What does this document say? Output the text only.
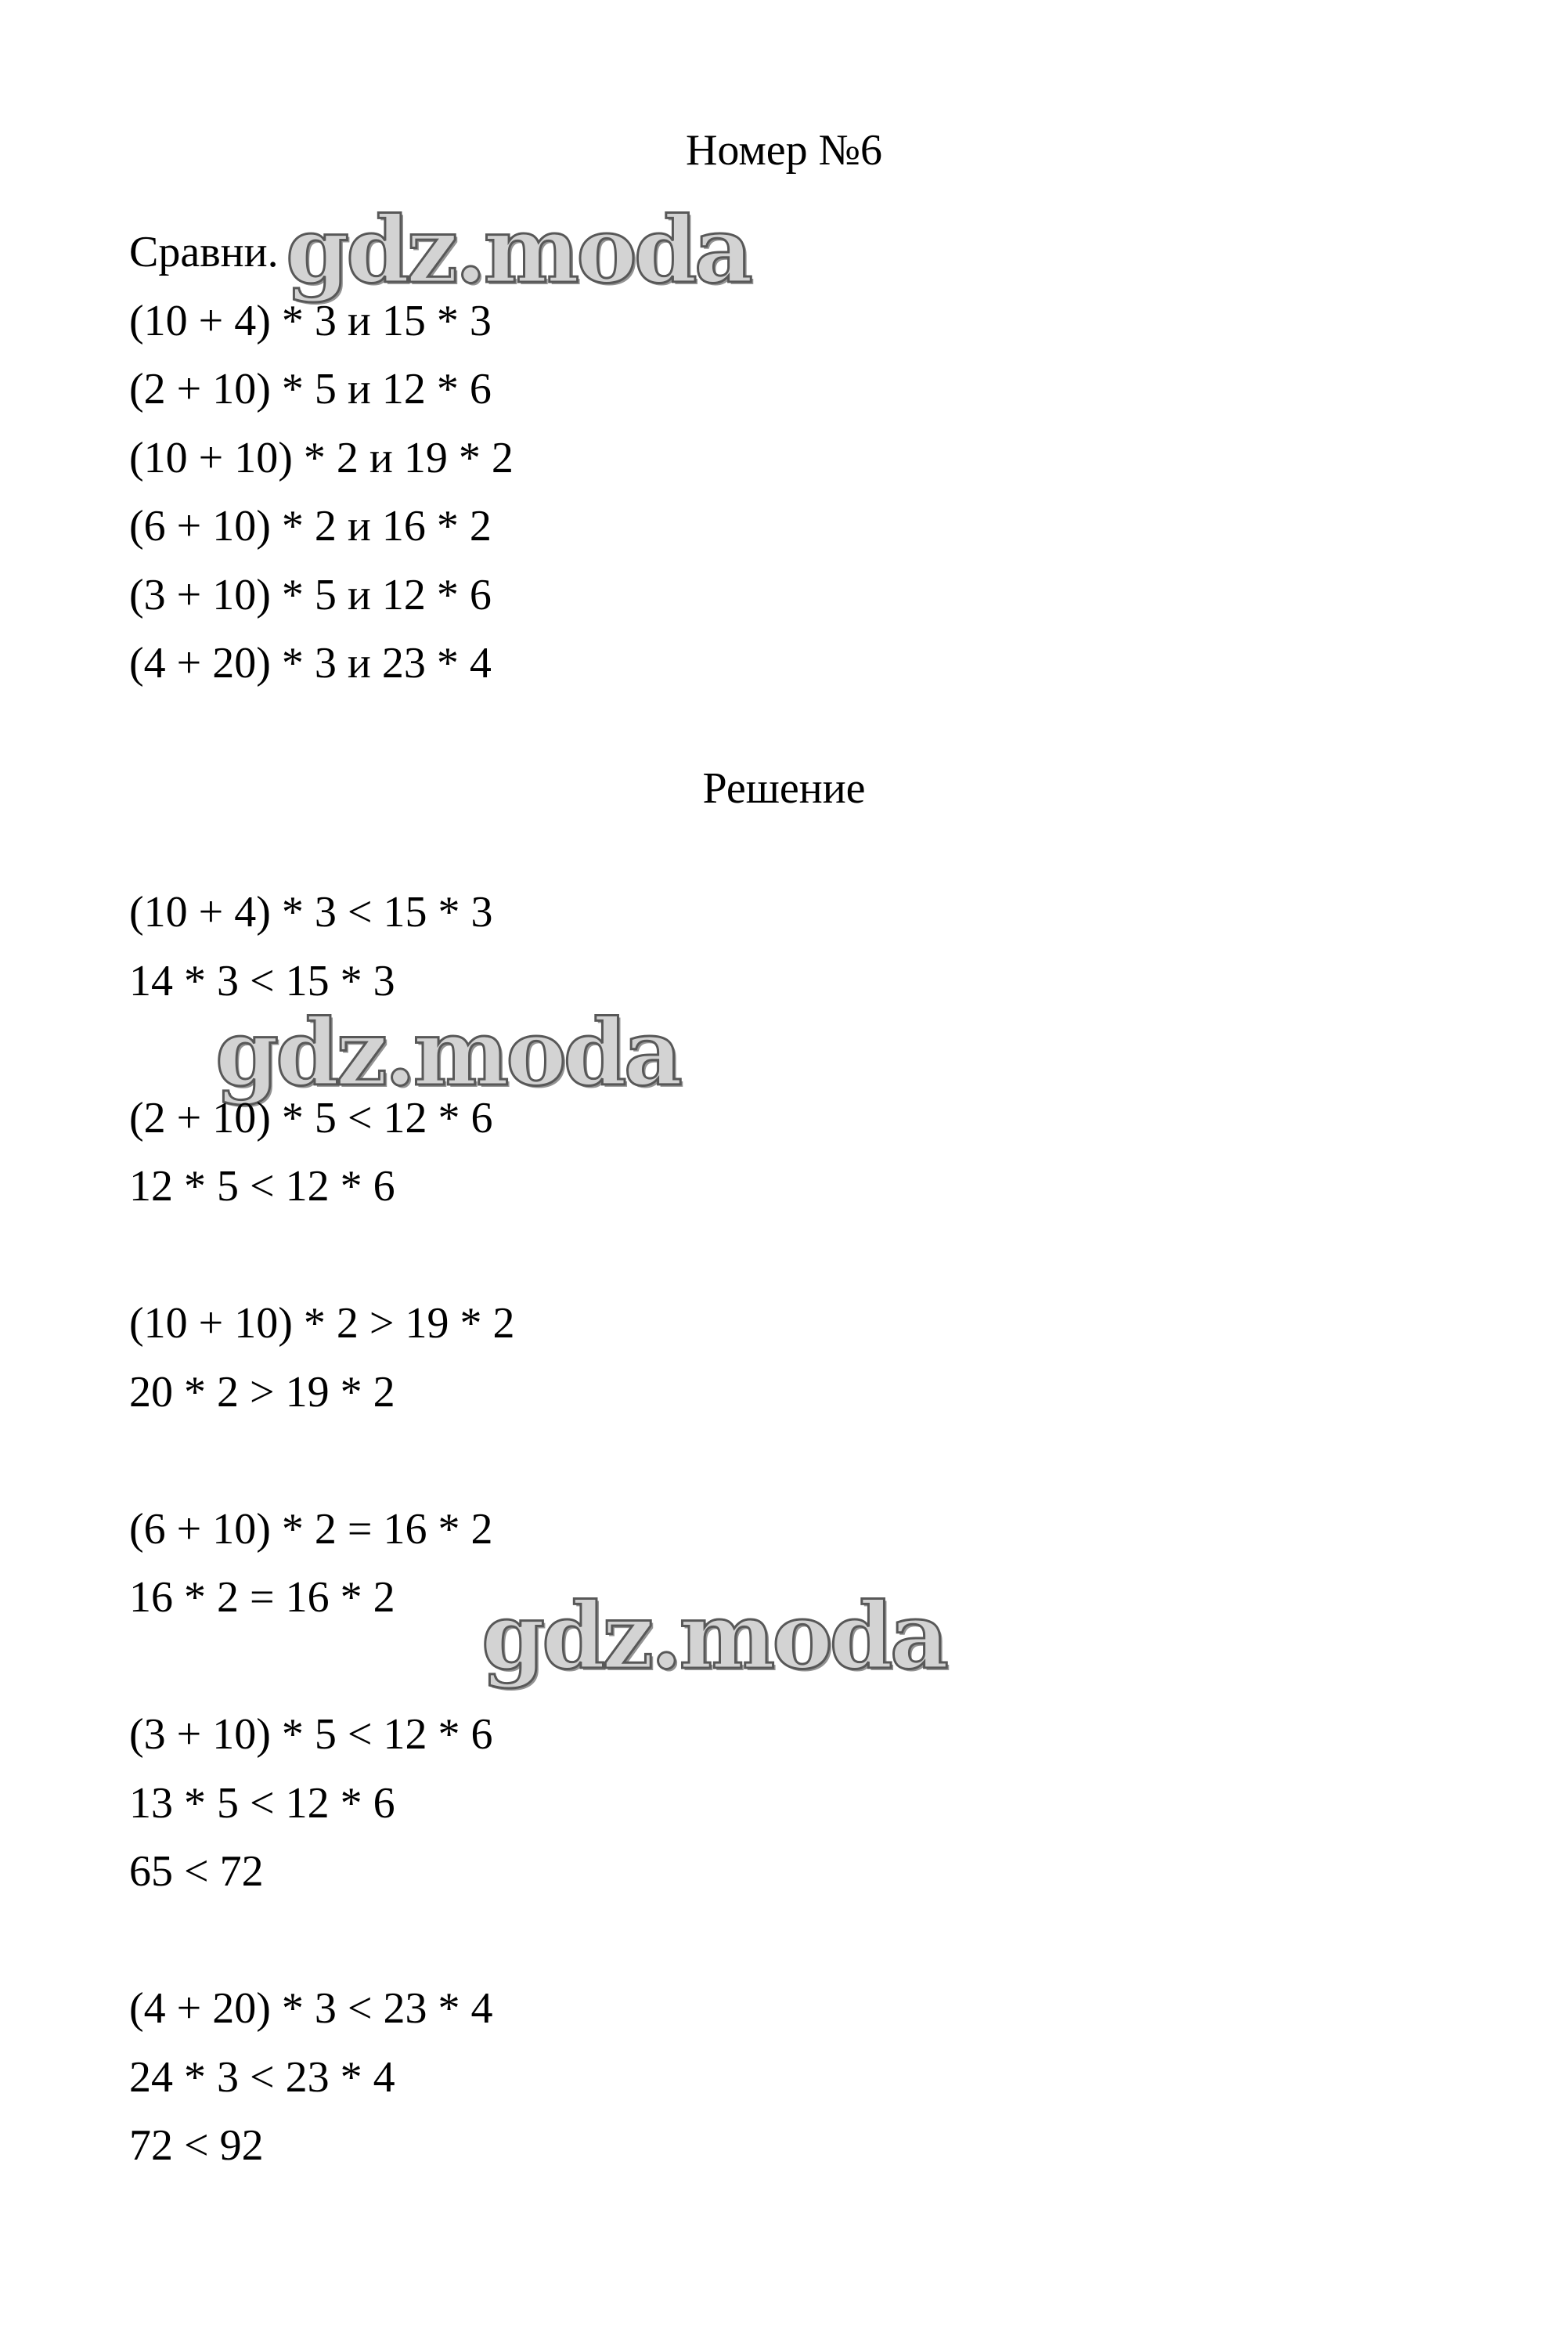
Номер №6
Сравни. gdz.moda
(10 + 4) * 3 и 15 * 3
(2 + 10) * 5 и 12 * 6
(10 + 10) * 2 и 19 * 2
(6 + 10) * 2 и 16 * 2
(3 + 10) * 5 и 12 * 6
(4 + 20) * 3 и 23 * 4
Решение
(10 + 4) * 3 < 15 * 3
14 * 3 < 15 * 3
gdz.moda
(2 + 10) * 5 < 12 * 6
12 * 5 < 12 * 6
(10 + 10) * 2 > 19 * 2
20 * 2 > 19 * 2
(6 + 10) * 2 = 16 * 2
16 * 2 = 16 * 2 gdz.moda
(3 + 10) * 5 < 12 * 6
13 * 5 < 12 * 6
65 < 72
(4 + 20) * 3 < 23 * 4
24 * 3 < 23 * 4
72 < 92
